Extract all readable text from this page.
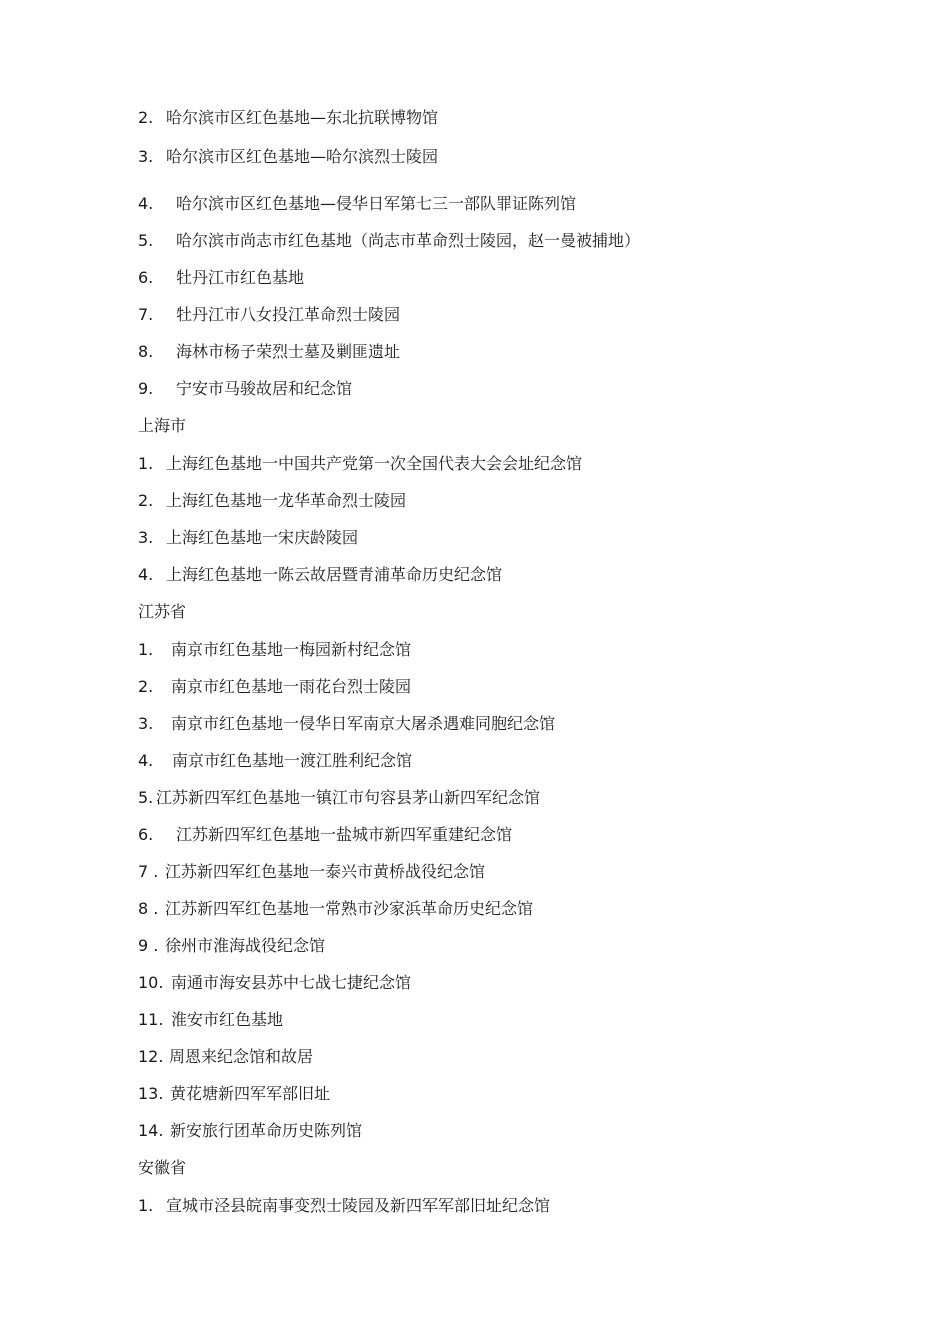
2. 哈尔滨市区红色基地—东北抗联博物馆
3. 哈尔滨市区红色基地—哈尔滨烈士陵园
4. 哈尔滨市区红色基地—侵华日军第七三一部队罪证陈列馆
5. 哈尔滨市尚志市红色基地（尚志市革命烈士陵园，赵一曼被捕地）
6. 牡丹江市红色基地
7. 牡丹江市八女投江革命烈士陵园
8. 海林市杨子荣烈士墓及剿匪遗址
9. 宁安市马骏故居和纪念馆
上海市
1. 上海红色基地一中国共产党第一次全国代表大会会址纪念馆
2. 上海红色基地一龙华革命烈士陵园
3. 上海红色基地一宋庆龄陵园
4. 上海红色基地一陈云故居暨青浦革命历史纪念馆
江苏省
1. 南京市红色基地一梅园新村纪念馆
2. 南京市红色基地一雨花台烈士陵园
3. 南京市红色基地一侵华日军南京大屠杀遇难同胞纪念馆
4. 南京市红色基地一渡江胜利纪念馆
5. 江苏新四军红色基地一镇江市句容县茅山新四军纪念馆
6. 江苏新四军红色基地一盐城市新四军重建纪念馆
7 . 江苏新四军红色基地一泰兴市黄桥战役纪念馆
8 . 江苏新四军红色基地一常熟市沙家浜革命历史纪念馆
9 . 徐州市淮海战役纪念馆
10. 南通市海安县苏中七战七捷纪念馆
11. 淮安市红色基地
12. 周恩来纪念馆和故居
13. 黄花塘新四军军部旧址
14. 新安旅行团革命历史陈列馆
安徽省
1. 宣城市泾县皖南事变烈士陵园及新四军军部旧址纪念馆
